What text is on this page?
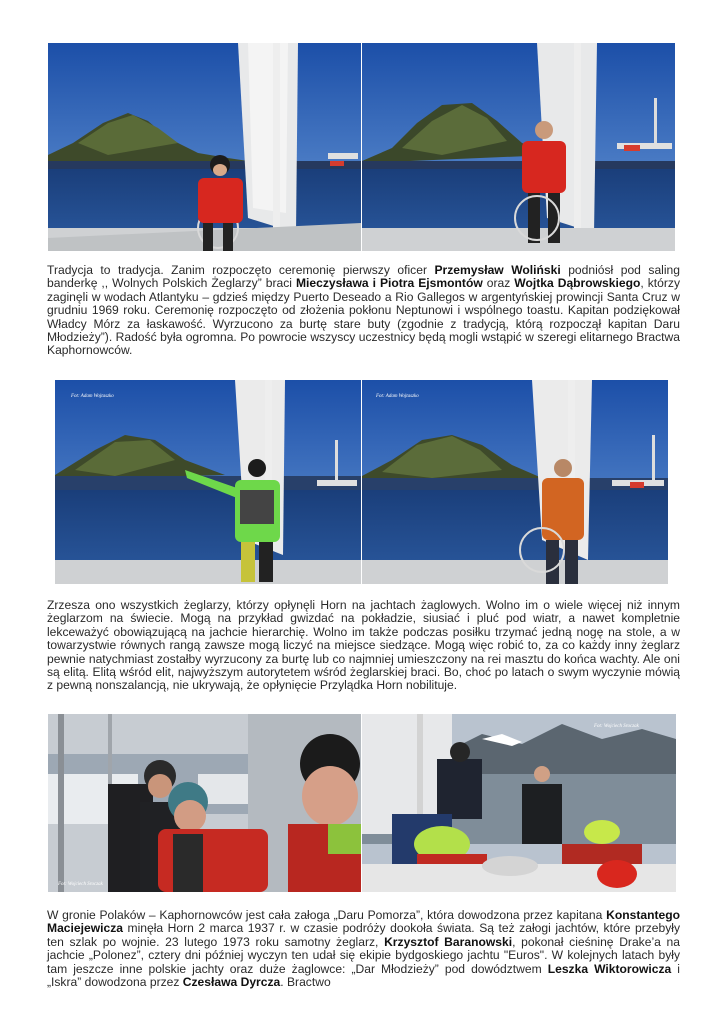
Tradycja to tradycja. Zanim rozpoczęto ceremonię pierwszy oficer Przemysław Woliński podniósł pod saling banderkę ,, Wolnych Polskich Żeglarzy” braci Mieczysława i Piotra Ejsmontów oraz Wojtka Dąbrowskiego, którzy zaginęli w wodach Atlantyku – gdzieś między Puerto Deseado a Rio Gallegos w argentyńskiej prowincji Santa Cruz w grudniu 1969 roku. Ceremonię rozpoczęto od złożenia pokłonu Neptunowi i wspólnego toastu. Kapitan podziękował Władcy Mórz za łaskawość. Wyrzucono za burtę stare buty (zgodnie z tradycją, którą rozpoczął kapitan Daru Młodzieży”). Radość była ogromna. Po powrocie wszyscy uczestnicy będą mogli wstąpić w szeregi elitarnego Bractwa Kaphornowców.
Fot: Adam Wojtaszko	Fot: Adam Wojtaszko
Zrzesza ono wszystkich żeglarzy, którzy opłynęli Horn na jachtach żaglowych. Wolno im o wiele więcej niż innym żeglarzom na świecie. Mogą na przykład gwizdać na pokładzie, siusiać i pluć pod wiatr, a nawet kompletnie lekceważyć obowiązującą na jachcie hierarchię. Wolno im także podczas posiłku trzymać jedną nogę na stole, a w towarzystwie równych rangą zawsze mogą liczyć na miejsce siedzące. Mogą więc robić to, za co każdy inny żeglarz pewnie natychmiast zostałby wyrzucony za burtę lub co najmniej umieszczony na rei masztu do końca wachty. Ale oni są elitą. Elitą wśród elit, najwyższym autorytetem wśród żeglarskiej braci. Bo, choć po latach o swym wyczynie mówią z pewną nonszalancją, nie ukrywają, że opłynięcie Przylądka Horn nobilituje.
Fot: Wojciech Sroczak
Fot: Wojciech Sroczak
W gronie Polaków – Kaphornowców jest cała załoga „Daru Pomorza”, która dowodzona przez kapitana Konstantego Maciejewicza minęła Horn 2 marca 1937 r. w czasie podróży dookoła świata. Są też załogi jachtów, które przebyły ten szlak po wojnie. 23 lutego 1973 roku samotny żeglarz, Krzysztof Baranowski, pokonał cieśninę Drake’a na jachcie „Polonez”, cztery dni później wyczyn ten udał się ekipie bydgoskiego jachtu "Euros". W kolejnych latach były tam jeszcze inne polskie jachty oraz duże żaglowce: „Dar Młodzieży” pod dowództwem Leszka Wiktorowicza i „Iskra” dowodzona przez Czesława Dyrcza. Bractwo
